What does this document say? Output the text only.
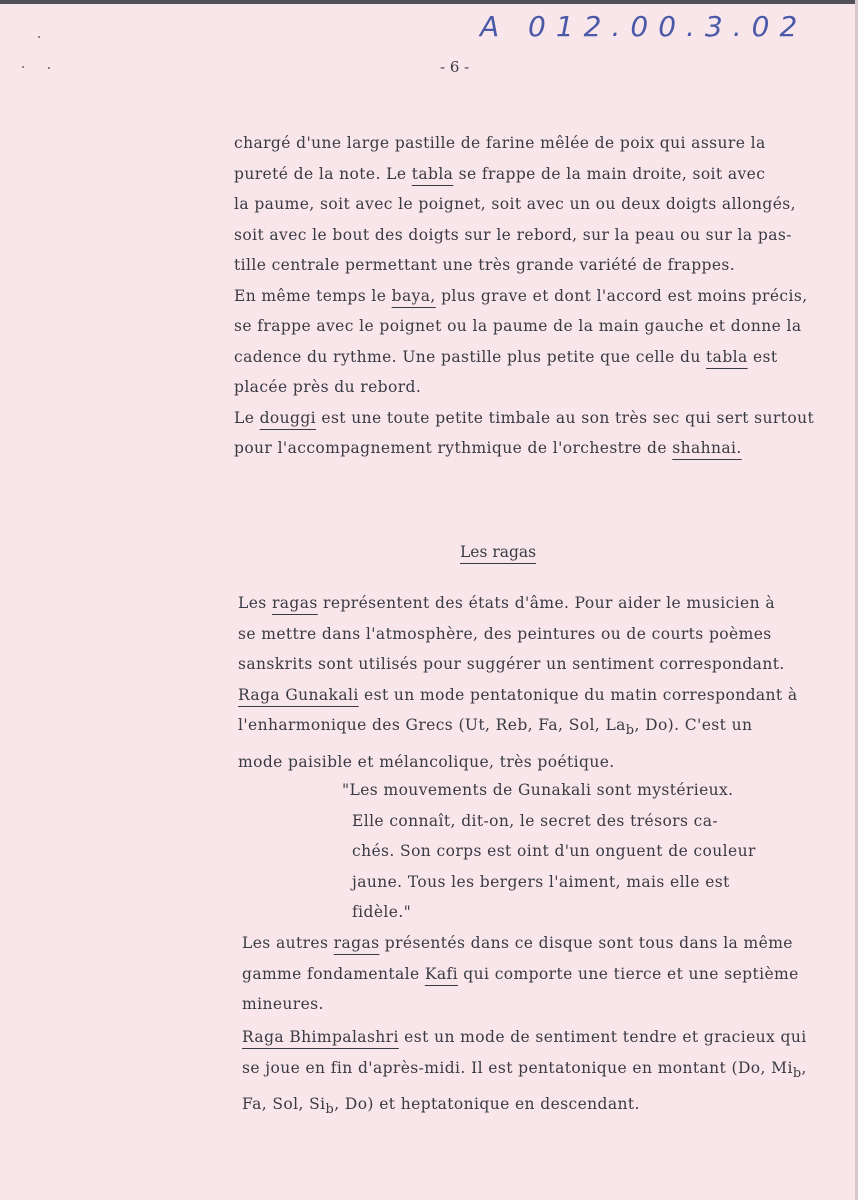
A 012.00.3.02
- 6 -
chargé d'une large pastille de farine mêlée de poix qui assure la
pureté de la note. Le tabla se frappe de la main droite, soit avec
la paume, soit avec le poignet, soit avec un ou deux doigts allongés,
soit avec le bout des doigts sur le rebord, sur la peau ou sur la pas-
tille centrale permettant une très grande variété de frappes.
En même temps le baya, plus grave et dont l'accord est moins précis,
se frappe avec le poignet ou la paume de la main gauche et donne la
cadence du rythme. Une pastille plus petite que celle du tabla est
placée près du rebord.
Le douggi est une toute petite timbale au son très sec qui sert surtout
pour l'accompagnement rythmique de l'orchestre de shahnai.
Les ragas
Les ragas représentent des états d'âme. Pour aider le musicien à
se mettre dans l'atmosphère, des peintures ou de courts poèmes
sanskrits sont utilisés pour suggérer un sentiment correspondant.
Raga Gunakali est un mode pentatonique du matin correspondant à
l'enharmonique des Grecs (Ut, Reb, Fa, Sol, $La_b$, Do). C'est un
mode paisible et mélancolique, très poétique.
"Les mouvements de Gunakali sont mystérieux.
Elle connaît, dit-on, le secret des trésors ca-
chés. Son corps est oint d'un onguent de couleur
jaune. Tous les bergers l'aiment, mais elle est
fidèle."
Les autres ragas présentés dans ce disque sont tous dans la même
gamme fondamentale Kafi qui comporte une tierce et une septième
mineures.
Raga Bhimpalashri est un mode de sentiment tendre et gracieux qui
se joue en fin d'après-midi. Il est pentatonique en montant (Do, $Mi_b$,
Fa, Sol, $Si_b$, Do) et heptatonique en descendant.
